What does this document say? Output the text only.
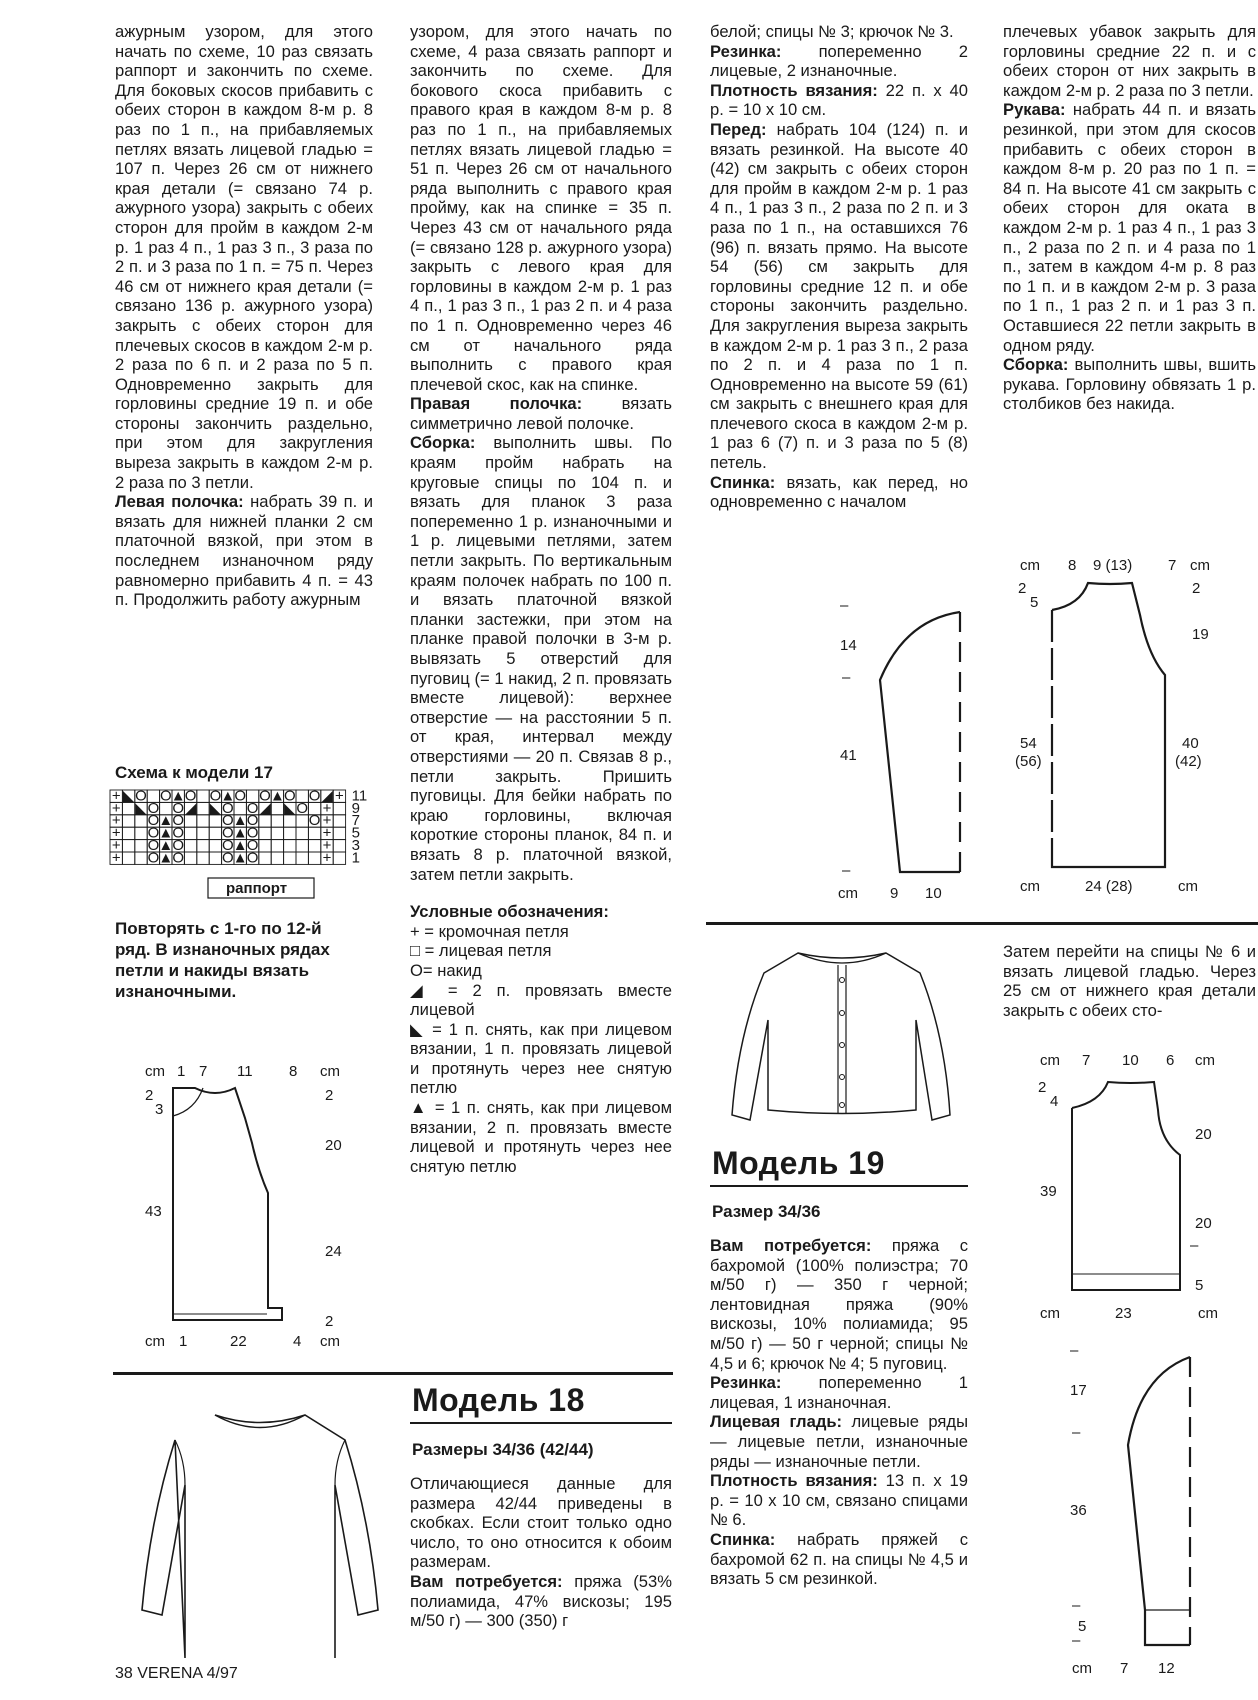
ажурным узором, для этого начать по схеме, 10 раз связать раппорт и закончить по схеме. Для боковых скосов прибавить с обеих сторон в каждом 8-м р. 8 раз по 1 п., на прибавляемых петлях вязать лицевой гладью = 107 п. Через 26 см от нижнего края детали (= связано 74 р. ажурного узора) закрыть с обеих сторон для пройм в каждом 2-м р. 1 раз 4 п., 1 раз 3 п., 3 раза по 2 п. и 3 раза по 1 п. = 75 п. Через 46 см от нижнего края детали (= связано 136 р. ажурного узора) закрыть с обеих сторон для плечевых скосов в каждом 2-м р. 2 раза по 6 п. и 2 раза по 5 п. Одновременно закрыть для горловины средние 19 п. и обе стороны закончить раздельно, при этом для закругления выреза закрыть в каждом 2-м р. 2 раза по 3 петли.

Левая полочка: набрать 39 п. и вязать для нижней планки 2 см платочной вязкой, при этом в последнем изнаночном ряду равномерно прибавить 4 п. = 43 п. Продолжить работу ажурным

Схема к модели 17
+ ◣ O O ▲ O O ▲ O O ▲ O O ◢ + 11
+ ◣ O O ◢ ◣ O O ◢ ◣ O + 9
+ O ▲ O	O ▲ O	O + 7
+ O ▲ O	O ▲ O	+ 5
+ O ▲ O	O ▲ O	+ 3
+ O ▲ O	O ▲ O	+ 1
раппорт
Повторять с 1-го по 12-й ряд. В изнаночных рядах петли и накиды вязать изнаночными.
cm 1 7 11 8 cm
2
3
2
20
43
24
2
cm 1	22	4 cm

узором, для этого начать по схеме, 4 раза связать раппорт и закончить по схеме. Для бокового скоса прибавить с правого края в каждом 8-м р. 8 раз по 1 п., на прибавляемых петлях вязать лицевой гладью = 51 п. Через 26 см от начального ряда выполнить с правого края пройму, как на спинке = 35 п. Через 43 см от начального ряда (= связано 128 р. ажурного узора) закрыть с левого края для горловины в каждом 2-м р. 1 раз 4 п., 1 раз 3 п., 1 раз 2 п. и 4 раза по 1 п. Одновременно через 46 см от начального ряда выполнить с правого края плечевой скос, как на спинке.

Правая полочка: вязать симметрично левой полочке.

Сборка: выполнить швы. По краям пройм набрать на круговые спицы по 104 п. и вязать для планок 3 раза попеременно 1 р. изнаночными и 1 р. лицевыми петлями, затем петли закрыть. По вертикальным краям полочек набрать по 100 п. и вязать платочной вязкой планки застежки, при этом на планке правой полочки в 3-м р. вывязать 5 отверстий для пуговиц (= 1 накид, 2 п. провязать вместе лицевой): верхнее отверстие — на расстоянии 5 п. от края, интервал между отверстиями — 20 п. Связав 8 р., петли закрыть. Пришить пуговицы. Для бейки набрать по краю горловины, включая короткие стороны планок, 84 п. и вязать 8 р. платочной вязкой, затем петли закрыть.

Условные обозначения:

+ = кромочная петля

□ = лицевая петля

O= накид

◢ = 2 п. провязать вместе лицевой

◣ = 1 п. снять, как при лицевом вязании, 1 п. провязать лицевой и протянуть через нее снятую петлю

▲ = 1 п. снять, как при лицевом вязании, 2 п. провязать вместе лицевой и протянуть через нее снятую петлю

Модель 18
Размеры 34/36 (42/44)

Отличающиеся данные для размера 42/44 приведены в скобках. Если стоит только одно число, то оно относится к обоим размерам.

Вам потребуется: пряжа (53% полиамида, 47% вискозы; 195 м/50 г) — 300 (350) г

белой; спицы № 3; крючок № 3.

Резинка: попеременно 2 лицевые, 2 изнаночные.

Плотность вязания: 22 п. х 40 р. = 10 х 10 см.

Перед: набрать 104 (124) п. и вязать резинкой. На высоте 40 (42) см закрыть с обеих сторон для пройм в каждом 2-м р. 1 раз 4 п., 1 раз 3 п., 2 раза по 2 п. и 3 раза по 1 п., на оставшихся 76 (96) п. вязать прямо. На высоте 54 (56) см закрыть для горловины средние 12 п. и обе стороны закончить раздельно. Для закругления выреза закрыть в каждом 2-м р. 1 раз 3 п., 2 раза по 2 п. и 4 раза по 1 п. Одновременно на высоте 59 (61) см закрыть с внешнего края для плечевого скоса в каждом 2-м р. 1 раз 6 (7) п. и 3 раза по 5 (8) петель.

Спинка: вязать, как перед, но одновременно с началом

–
14
–
41
–
cm 9 10
Модель 19
Размер 34/36

Вам потребуется: пряжа с бахромой (100% полиэстра; 70 м/50 г) — 350 г черной; лентовидная пряжа (90% вискозы, 10% полиамида; 95 м/50 г) — 50 г черной; спицы № 4,5 и 6; крючок № 4; 5 пуговиц.

Резинка: попеременно 1 лицевая, 1 изнаночная.

Лицевая гладь: лицевые ряды — лицевые петли, изнаночные ряды — изнаночные петли.

Плотность вязания: 13 п. х 19 р. = 10 х 10 см, связано спицами № 6.

Спинка: набрать пряжей с бахромой 62 п. на спицы № 4,5 и вязать 5 см резинкой.

плечевых убавок закрыть для горловины средние 22 п. и с обеих сторон от них закрыть в каждом 2-м р. 2 раза по 3 петли.

Рукава: набрать 44 п. и вязать резинкой, при этом для скосов прибавить с обеих сторон в каждом 8-м р. 20 раз по 1 п. = 84 п. На высоте 41 см закрыть с обеих сторон для оката в каждом 2-м р. 1 раз 4 п., 1 раз 3 п., 2 раза по 2 п. и 4 раза по 1 п., затем в каждом 4-м р. 8 раз по 1 п. и в каждом 2-м р. 3 раза по 1 п., 1 раз 2 п. и 1 раз 3 п. Оставшиеся 22 петли закрыть в одном ряду.

Сборка: выполнить швы, вшить рукава. Горловину обвязать 1 р. столбиков без накида.

cm 8 9 (13) 7 cm
2
5
2
19
54
(56)
40
(42)
cm	24 (28)	cm
Затем перейти на спицы № 6 и вязать лицевой гладью. Через 25 см от нижнего края детали закрыть с обеих сто-
cm 7 10 6 cm
2
4
20
39
20
5
cm	23	cm
–
–
17
–
36
–
5
–
cm 7 12
38 VERENA 4/97
